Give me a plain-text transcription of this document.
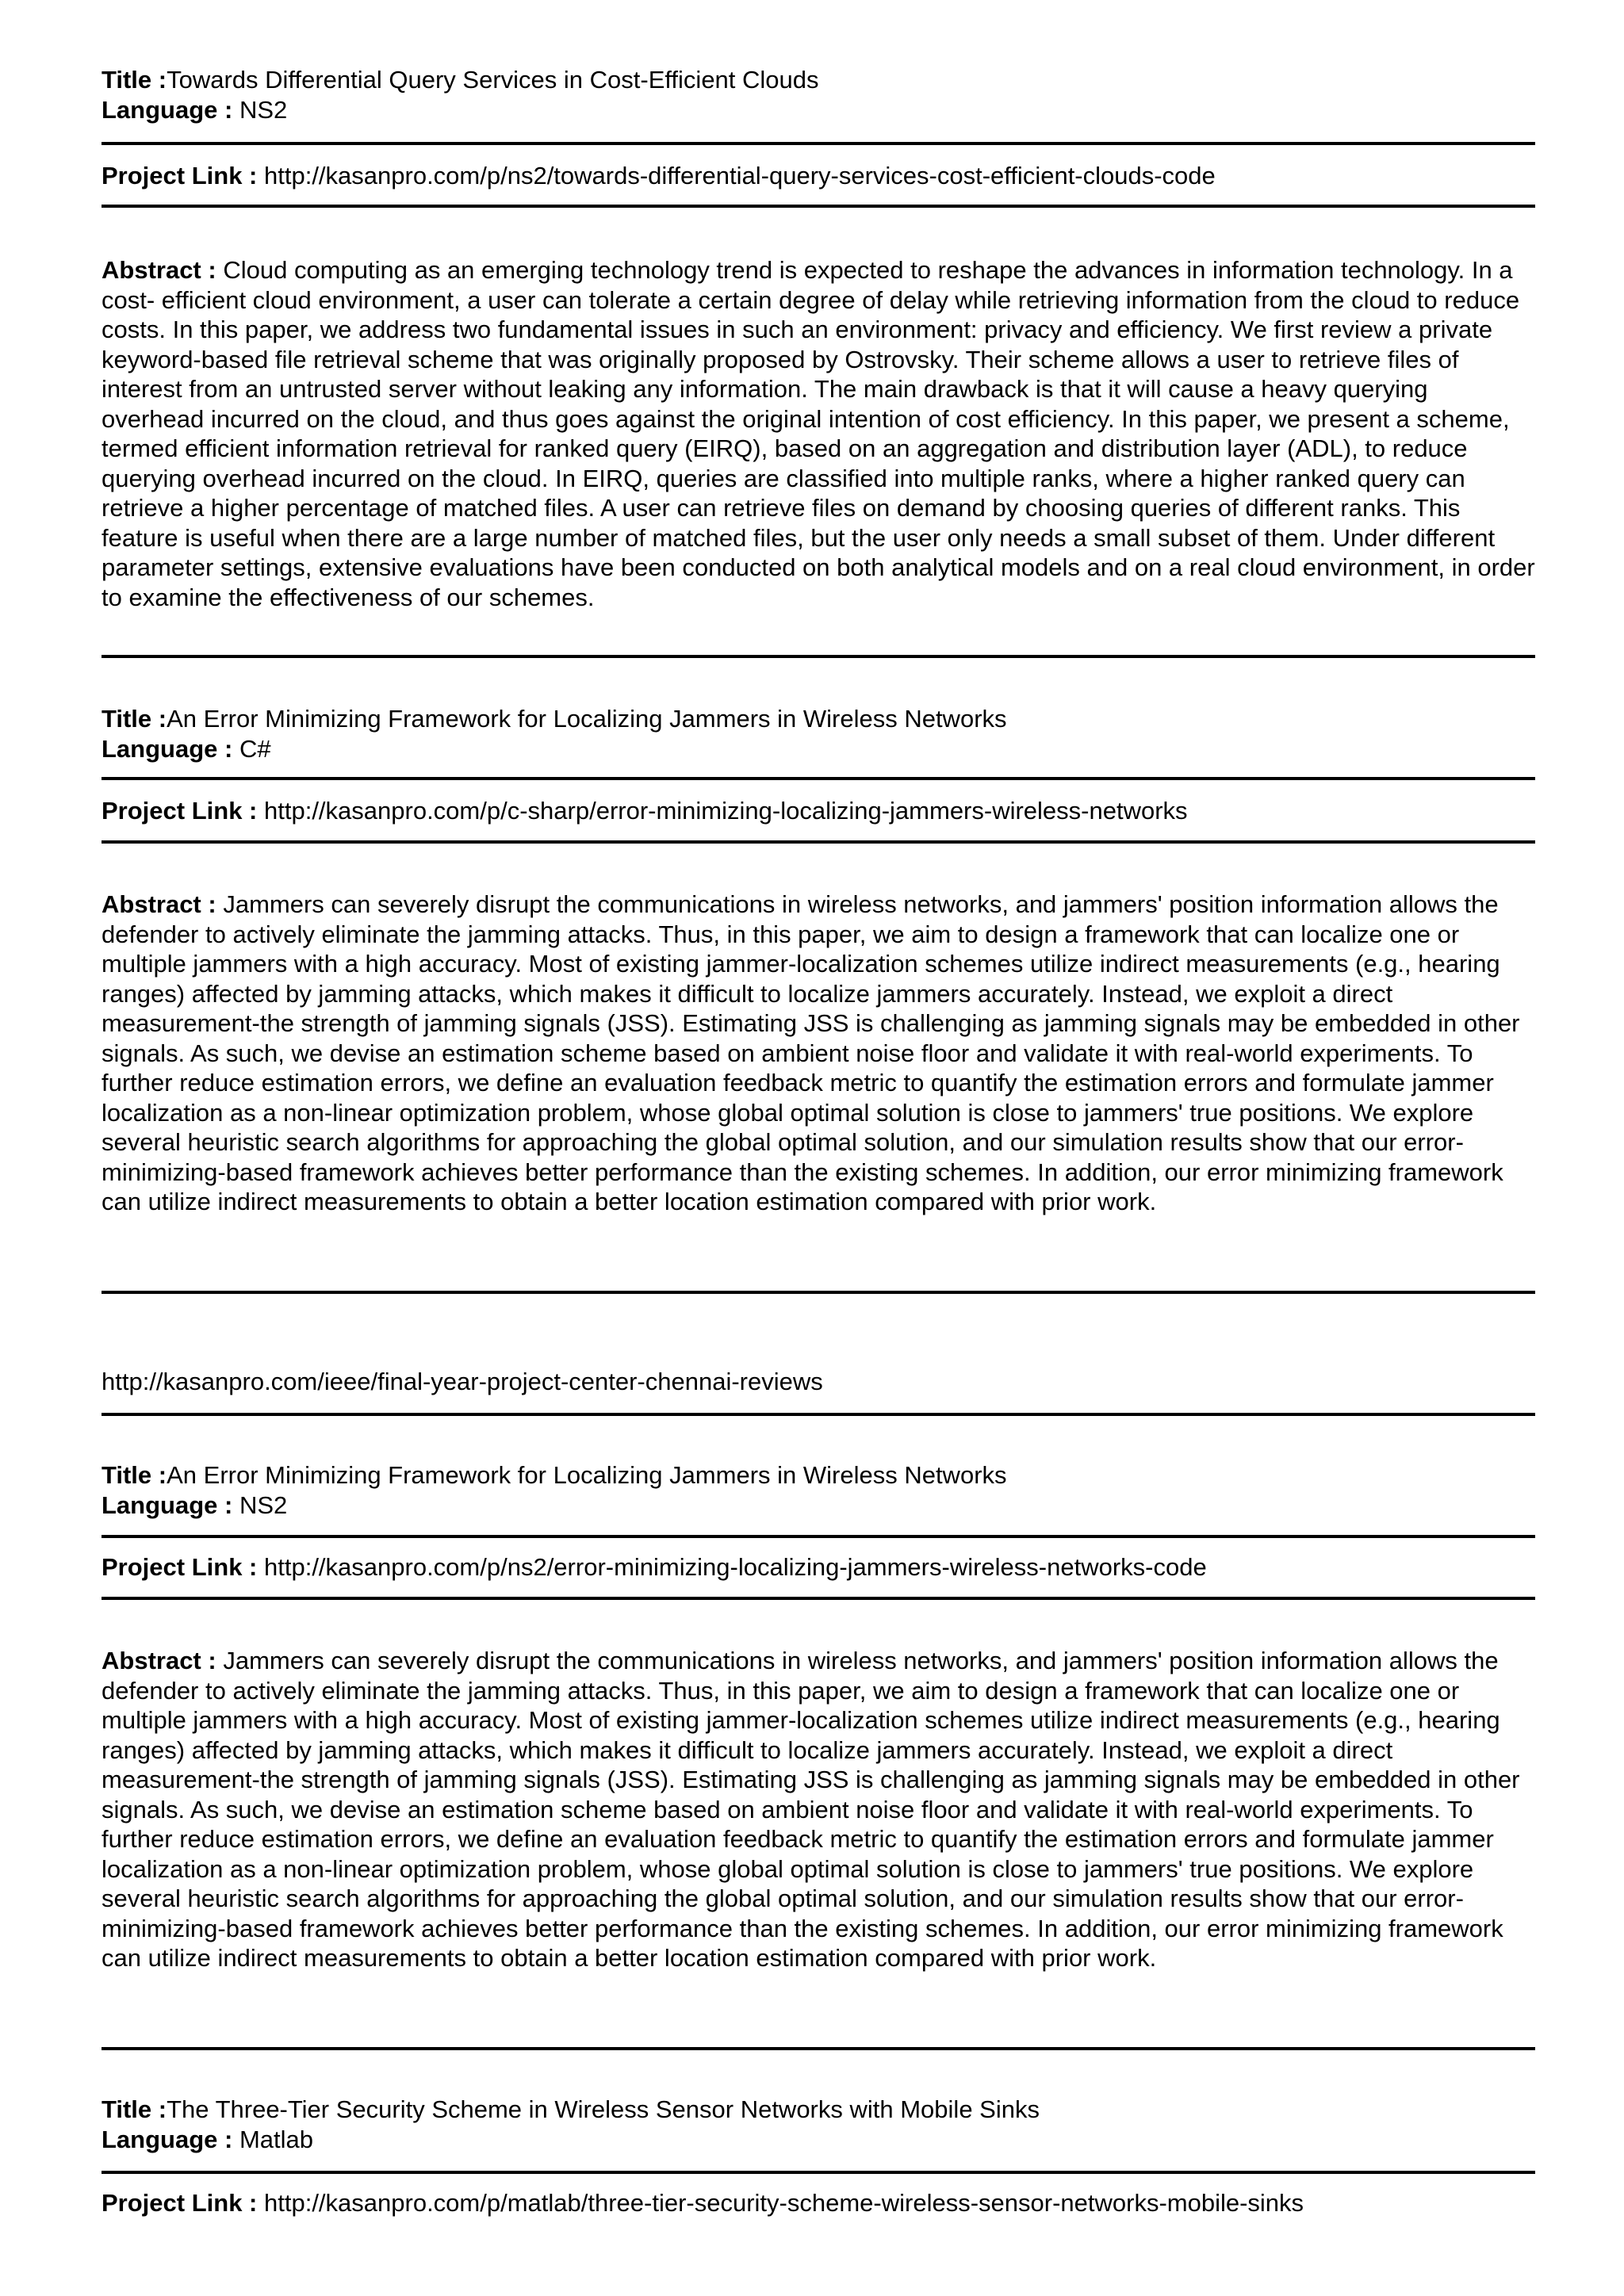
Title :Towards Differential Query Services in Cost-Efficient Clouds
Language : NS2
Project Link : http://kasanpro.com/p/ns2/towards-differential-query-services-cost-efficient-clouds-code
Abstract : Cloud computing as an emerging technology trend is expected to reshape the advances in information technology. In a cost- efficient cloud environment, a user can tolerate a certain degree of delay while retrieving information from the cloud to reduce costs. In this paper, we address two fundamental issues in such an environment: privacy and efficiency. We first review a private keyword-based file retrieval scheme that was originally proposed by Ostrovsky. Their scheme allows a user to retrieve files of interest from an untrusted server without leaking any information. The main drawback is that it will cause a heavy querying overhead incurred on the cloud, and thus goes against the original intention of cost efficiency. In this paper, we present a scheme, termed efficient information retrieval for ranked query (EIRQ), based on an aggregation and distribution layer (ADL), to reduce querying overhead incurred on the cloud. In EIRQ, queries are classified into multiple ranks, where a higher ranked query can retrieve a higher percentage of matched files. A user can retrieve files on demand by choosing queries of different ranks. This feature is useful when there are a large number of matched files, but the user only needs a small subset of them. Under different parameter settings, extensive evaluations have been conducted on both analytical models and on a real cloud environment, in order to examine the effectiveness of our schemes.
Title :An Error Minimizing Framework for Localizing Jammers in Wireless Networks
Language : C#
Project Link : http://kasanpro.com/p/c-sharp/error-minimizing-localizing-jammers-wireless-networks
Abstract : Jammers can severely disrupt the communications in wireless networks, and jammers' position information allows the defender to actively eliminate the jamming attacks. Thus, in this paper, we aim to design a framework that can localize one or multiple jammers with a high accuracy. Most of existing jammer-localization schemes utilize indirect measurements (e.g., hearing ranges) affected by jamming attacks, which makes it difficult to localize jammers accurately. Instead, we exploit a direct measurement-the strength of jamming signals (JSS). Estimating JSS is challenging as jamming signals may be embedded in other signals. As such, we devise an estimation scheme based on ambient noise floor and validate it with real-world experiments. To further reduce estimation errors, we define an evaluation feedback metric to quantify the estimation errors and formulate jammer localization as a non-linear optimization problem, whose global optimal solution is close to jammers' true positions. We explore several heuristic search algorithms for approaching the global optimal solution, and our simulation results show that our error-minimizing-based framework achieves better performance than the existing schemes. In addition, our error minimizing framework can utilize indirect measurements to obtain a better location estimation compared with prior work.
http://kasanpro.com/ieee/final-year-project-center-chennai-reviews
Title :An Error Minimizing Framework for Localizing Jammers in Wireless Networks
Language : NS2
Project Link : http://kasanpro.com/p/ns2/error-minimizing-localizing-jammers-wireless-networks-code
Abstract : Jammers can severely disrupt the communications in wireless networks, and jammers' position information allows the defender to actively eliminate the jamming attacks. Thus, in this paper, we aim to design a framework that can localize one or multiple jammers with a high accuracy. Most of existing jammer-localization schemes utilize indirect measurements (e.g., hearing ranges) affected by jamming attacks, which makes it difficult to localize jammers accurately. Instead, we exploit a direct measurement-the strength of jamming signals (JSS). Estimating JSS is challenging as jamming signals may be embedded in other signals. As such, we devise an estimation scheme based on ambient noise floor and validate it with real-world experiments. To further reduce estimation errors, we define an evaluation feedback metric to quantify the estimation errors and formulate jammer localization as a non-linear optimization problem, whose global optimal solution is close to jammers' true positions. We explore several heuristic search algorithms for approaching the global optimal solution, and our simulation results show that our error-minimizing-based framework achieves better performance than the existing schemes. In addition, our error minimizing framework can utilize indirect measurements to obtain a better location estimation compared with prior work.
Title :The Three-Tier Security Scheme in Wireless Sensor Networks with Mobile Sinks
Language : Matlab
Project Link : http://kasanpro.com/p/matlab/three-tier-security-scheme-wireless-sensor-networks-mobile-sinks
